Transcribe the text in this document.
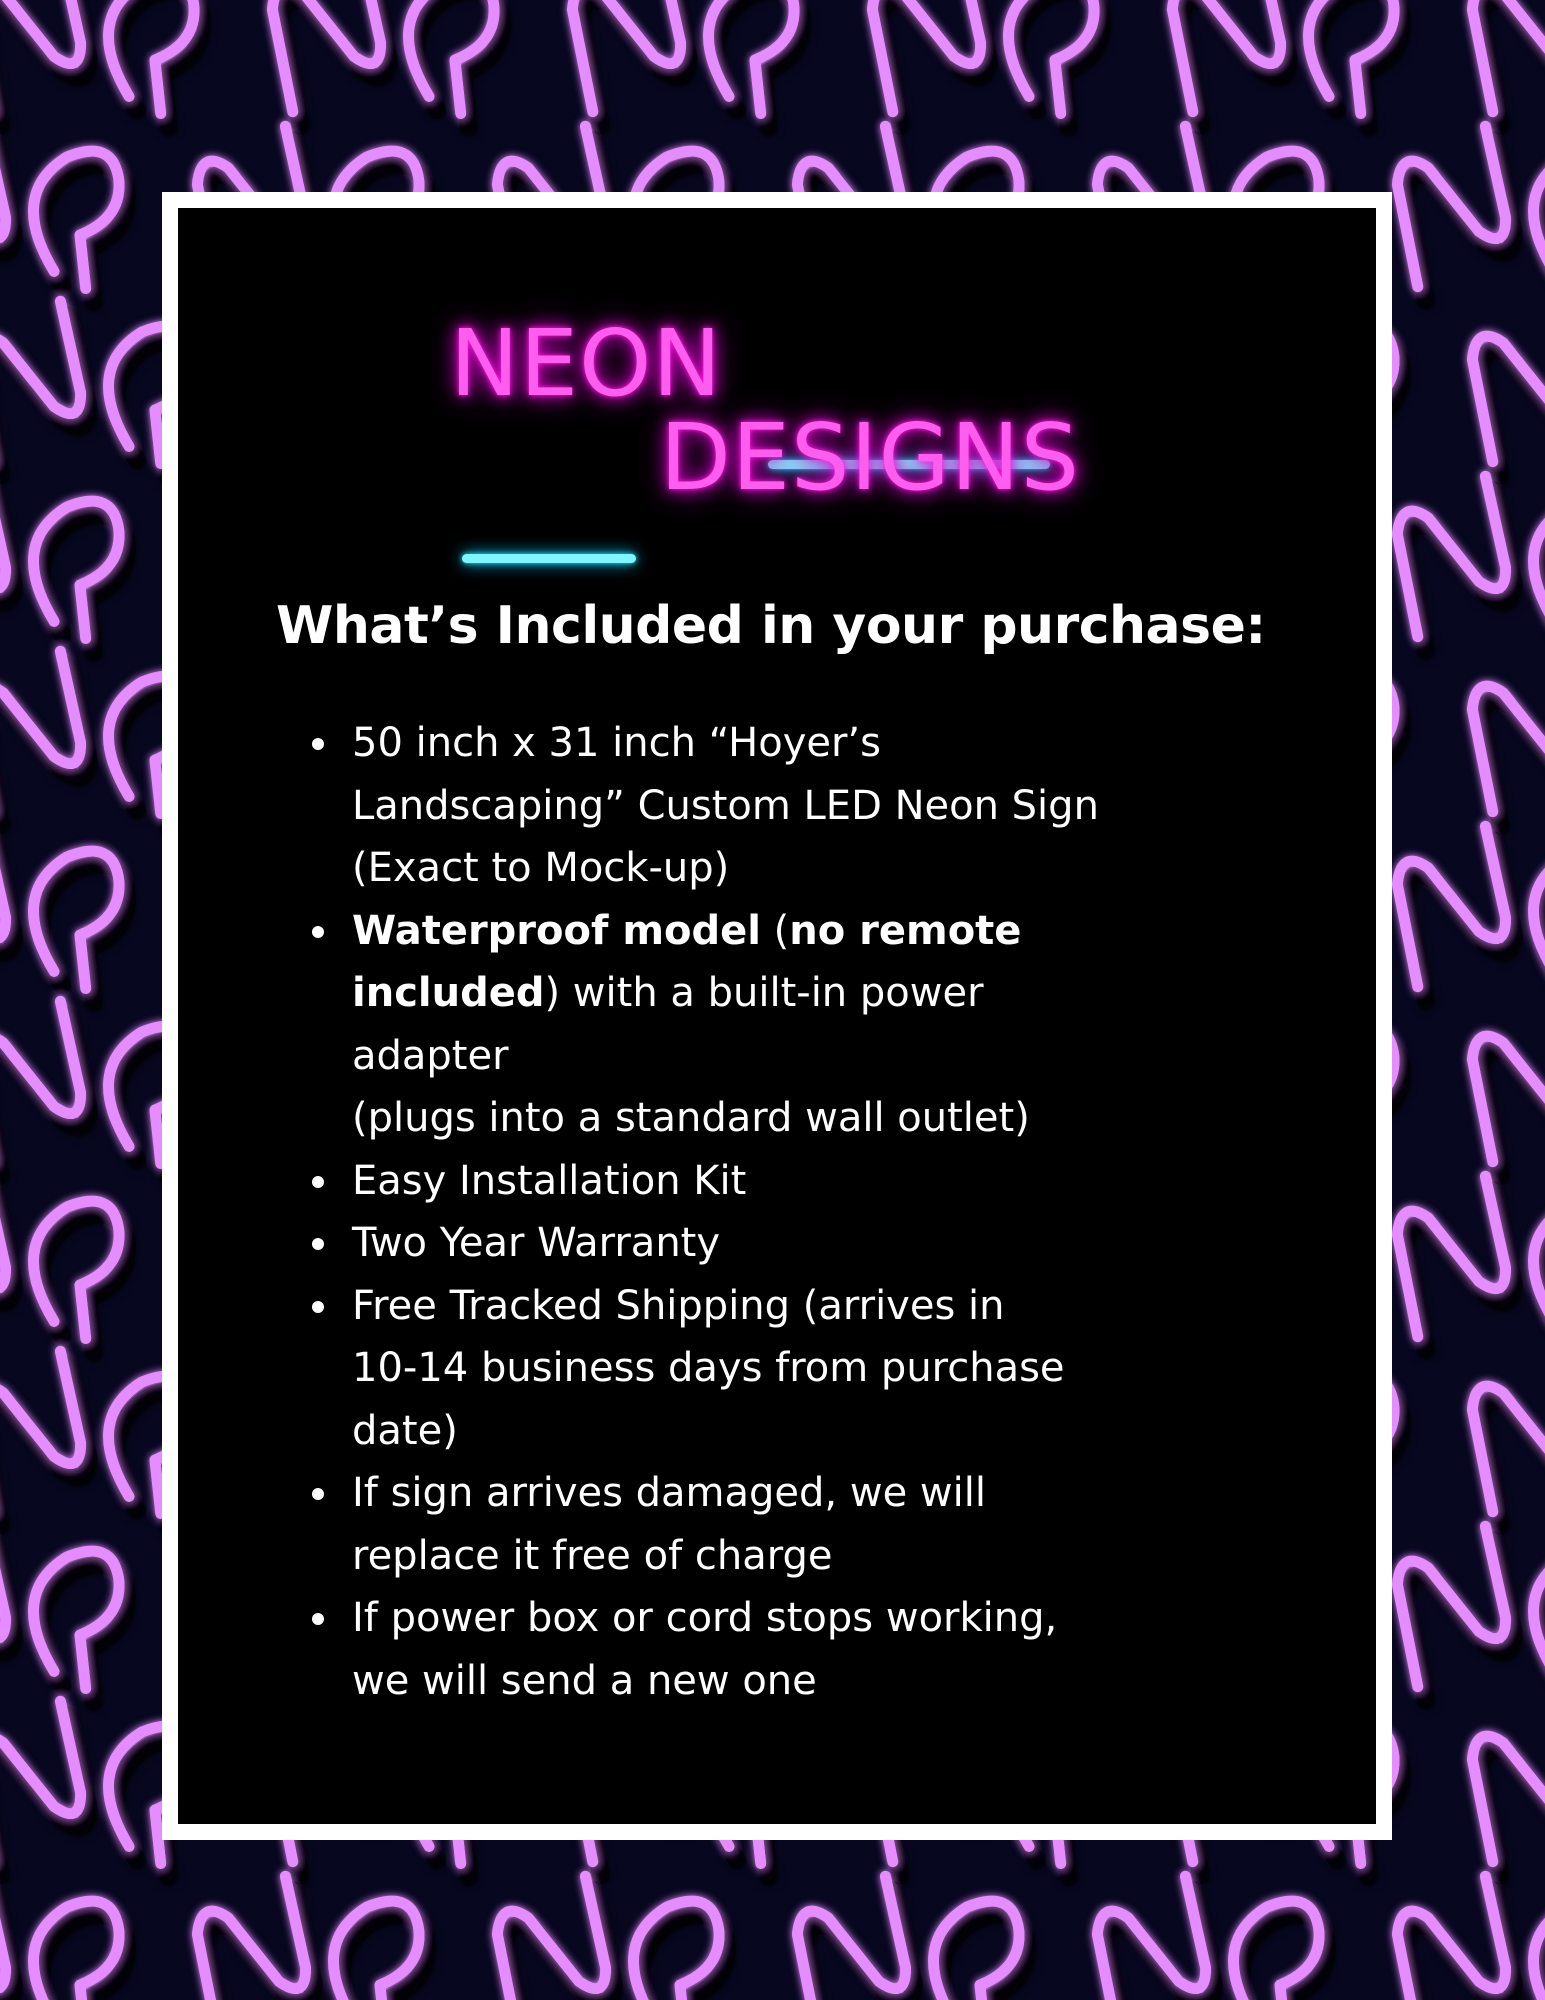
NEON
DESIGNS
What’s Included in your purchase:
50 inch x 31 inch “Hoyer’s
Landscaping” Custom LED Neon Sign
(Exact to Mock-up)
Waterproof model (no remote
included) with a built-in power
adapter
(plugs into a standard wall outlet)
Easy Installation Kit
Two Year Warranty
Free Tracked Shipping (arrives in
10-14 business days from purchase
date)
If sign arrives damaged, we will
replace it free of charge
If power box or cord stops working,
we will send a new one
